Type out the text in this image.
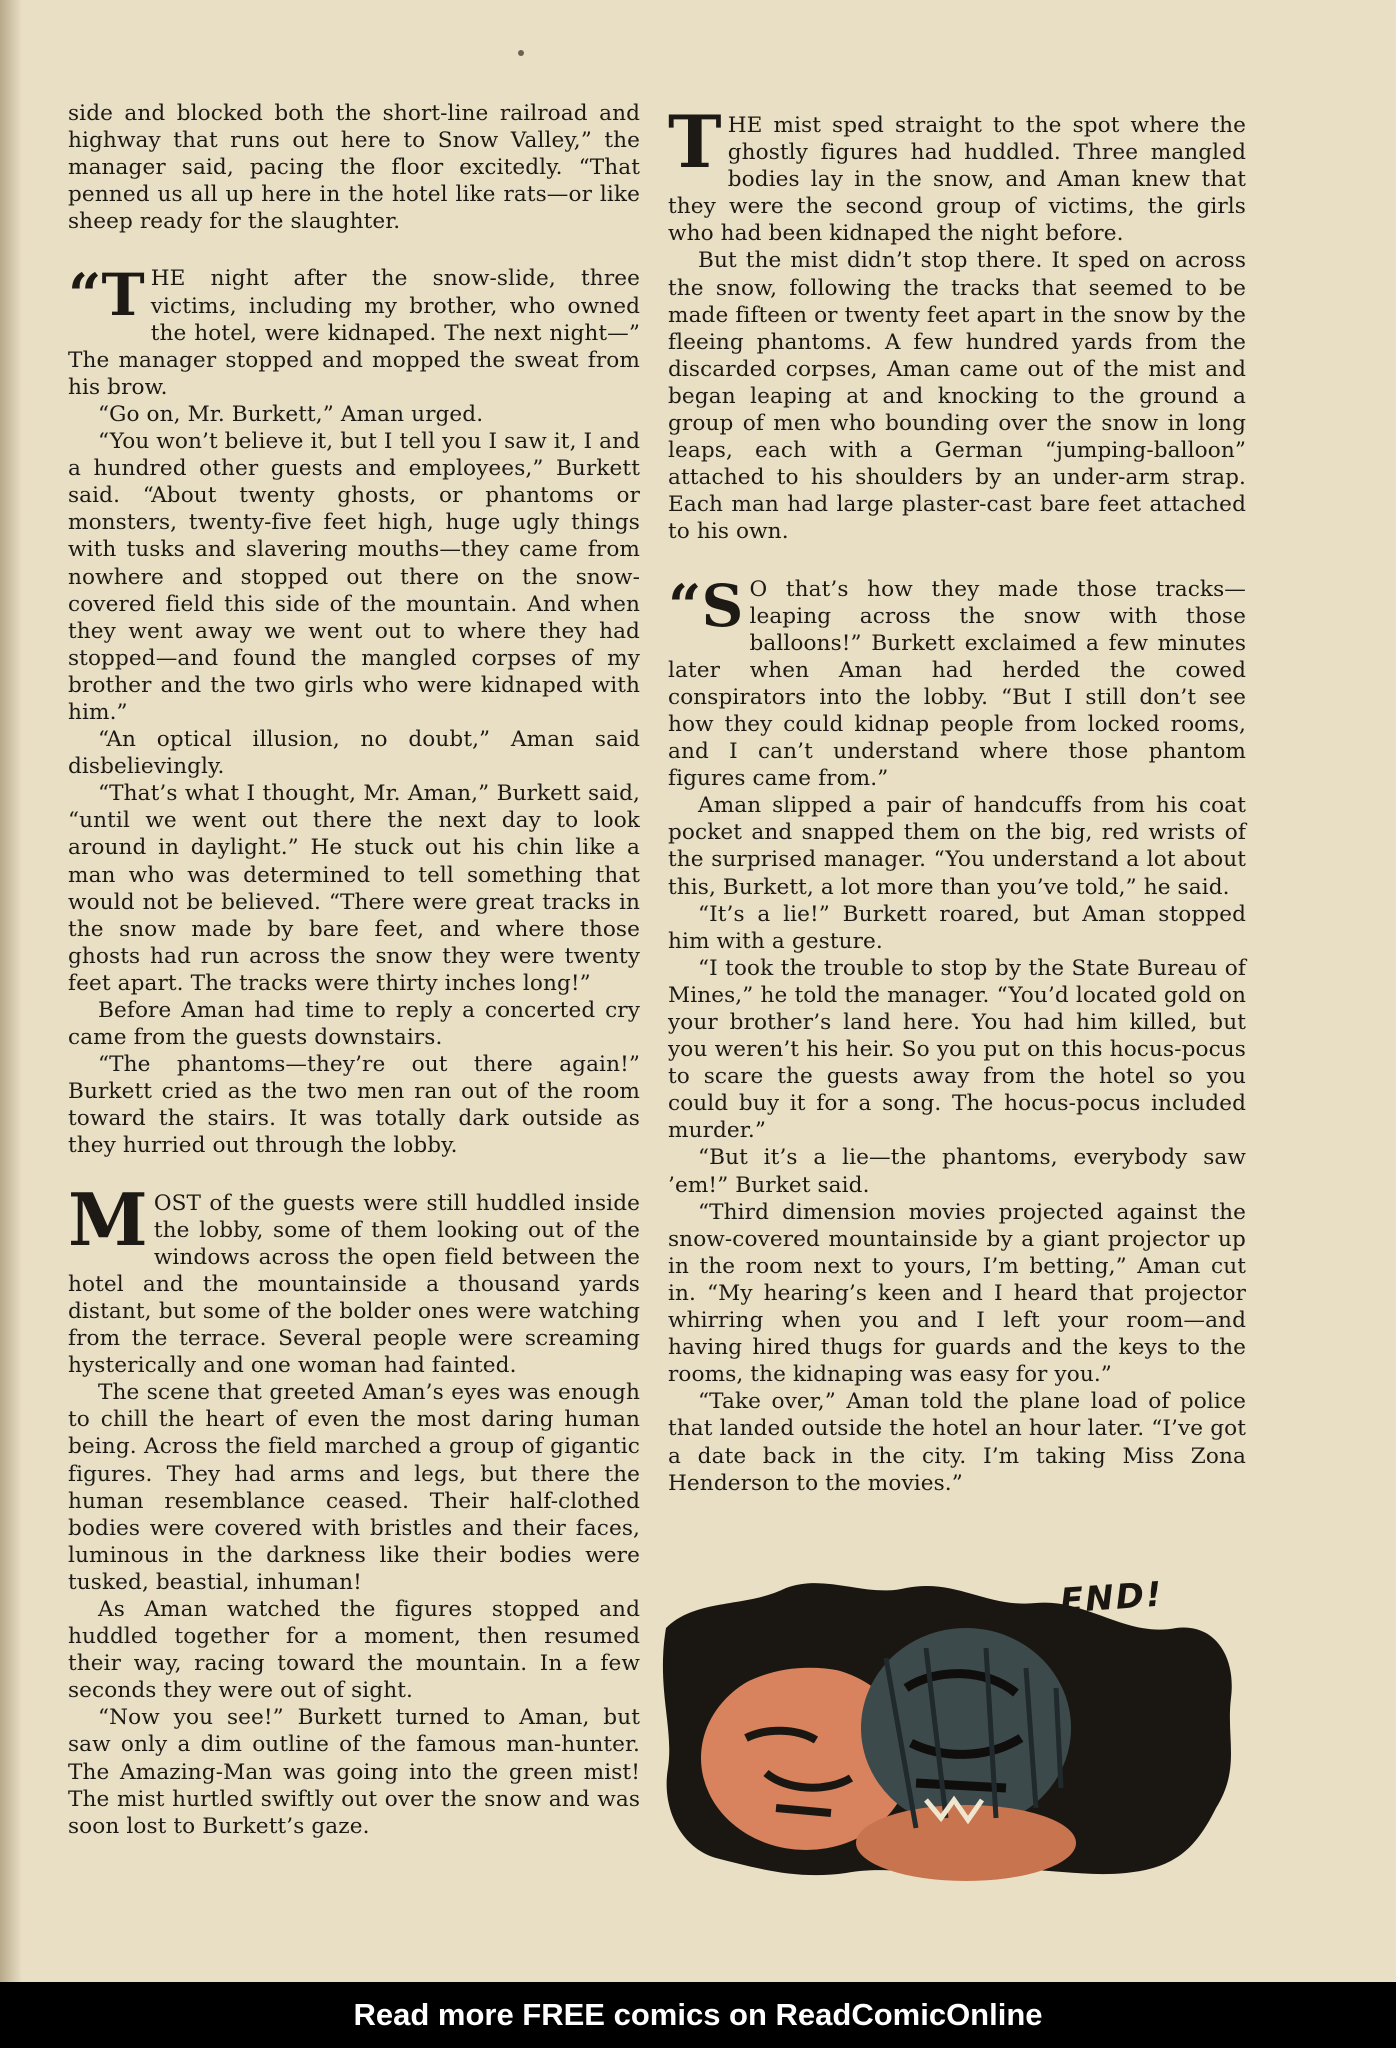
side and blocked both the short-line railroad and highway that runs out here to Snow Valley,” the manager said, pacing the floor excitedly. “That penned us all up here in the hotel like rats—or like sheep ready for the slaughter.

“THE night after the snow-slide, three victims, including my brother, who owned the hotel, were kidnaped. The next night—” The manager stopped and mopped the sweat from his brow.

“Go on, Mr. Burkett,” Aman urged.

“You won’t believe it, but I tell you I saw it, I and a hundred other guests and employees,” Burkett said. “About twenty ghosts, or phantoms or monsters, twenty-five feet high, huge ugly things with tusks and slavering mouths—they came from nowhere and stopped out there on the snow-covered field this side of the mountain. And when they went away we went out to where they had stopped—and found the mangled corpses of my brother and the two girls who were kidnaped with him.”

“An optical illusion, no doubt,” Aman said disbelievingly.

“That’s what I thought, Mr. Aman,” Burkett said, “until we went out there the next day to look around in daylight.” He stuck out his chin like a man who was determined to tell something that would not be believed. “There were great tracks in the snow made by bare feet, and where those ghosts had run across the snow they were twenty feet apart. The tracks were thirty inches long!”

Before Aman had time to reply a concerted cry came from the guests downstairs.

“The phantoms—they’re out there again!” Burkett cried as the two men ran out of the room toward the stairs. It was totally dark outside as they hurried out through the lobby.

MOST of the guests were still huddled inside the lobby, some of them looking out of the windows across the open field between the hotel and the mountainside a thousand yards distant, but some of the bolder ones were watching from the terrace. Several people were screaming hysterically and one woman had fainted.

The scene that greeted Aman’s eyes was enough to chill the heart of even the most daring human being. Across the field marched a group of gigantic figures. They had arms and legs, but there the human resemblance ceased. Their half-clothed bodies were covered with bristles and their faces, luminous in the darkness like their bodies were tusked, beastial, inhuman!

As Aman watched the figures stopped and huddled together for a moment, then resumed their way, racing toward the mountain. In a few seconds they were out of sight.

“Now you see!” Burkett turned to Aman, but saw only a dim outline of the famous man-hunter. The Amazing-Man was going into the green mist! The mist hurtled swiftly out over the snow and was soon lost to Burkett’s gaze.

THE mist sped straight to the spot where the ghostly figures had huddled. Three mangled bodies lay in the snow, and Aman knew that they were the second group of victims, the girls who had been kidnaped the night before.

But the mist didn’t stop there. It sped on across the snow, following the tracks that seemed to be made fifteen or twenty feet apart in the snow by the fleeing phantoms. A few hundred yards from the discarded corpses, Aman came out of the mist and began leaping at and knocking to the ground a group of men who bounding over the snow in long leaps, each with a German “jumping-balloon” attached to his shoulders by an under-arm strap. Each man had large plaster-cast bare feet attached to his own.

“S O that’s how they made those tracks—leaping across the snow with those balloons!” Burkett exclaimed a few minutes later when Aman had herded the cowed conspirators into the lobby. “But I still don’t see how they could kidnap people from locked rooms, and I can’t understand where those phantom figures came from.”

Aman slipped a pair of handcuffs from his coat pocket and snapped them on the big, red wrists of the surprised manager. “You understand a lot about this, Burkett, a lot more than you’ve told,” he said.

“It’s a lie!” Burkett roared, but Aman stopped him with a gesture.

“I took the trouble to stop by the State Bureau of Mines,” he told the manager. “You’d located gold on your brother’s land here. You had him killed, but you weren’t his heir. So you put on this hocus-pocus to scare the guests away from the hotel so you could buy it for a song. The hocus-pocus included murder.”

“But it’s a lie—the phantoms, everybody saw ’em!” Burket said.

“Third dimension movies projected against the snow-covered mountainside by a giant projector up in the room next to yours, I’m betting,” Aman cut in. “My hearing’s keen and I heard that projector whirring when you and I left your room—and having hired thugs for guards and the keys to the rooms, the kidnaping was easy for you.”

“Take over,” Aman told the plane load of police that landed outside the hotel an hour later. “I’ve got a date back in the city. I’m taking Miss Zona Henderson to the movies.”

END!
Read more FREE comics on ReadComicOnline
